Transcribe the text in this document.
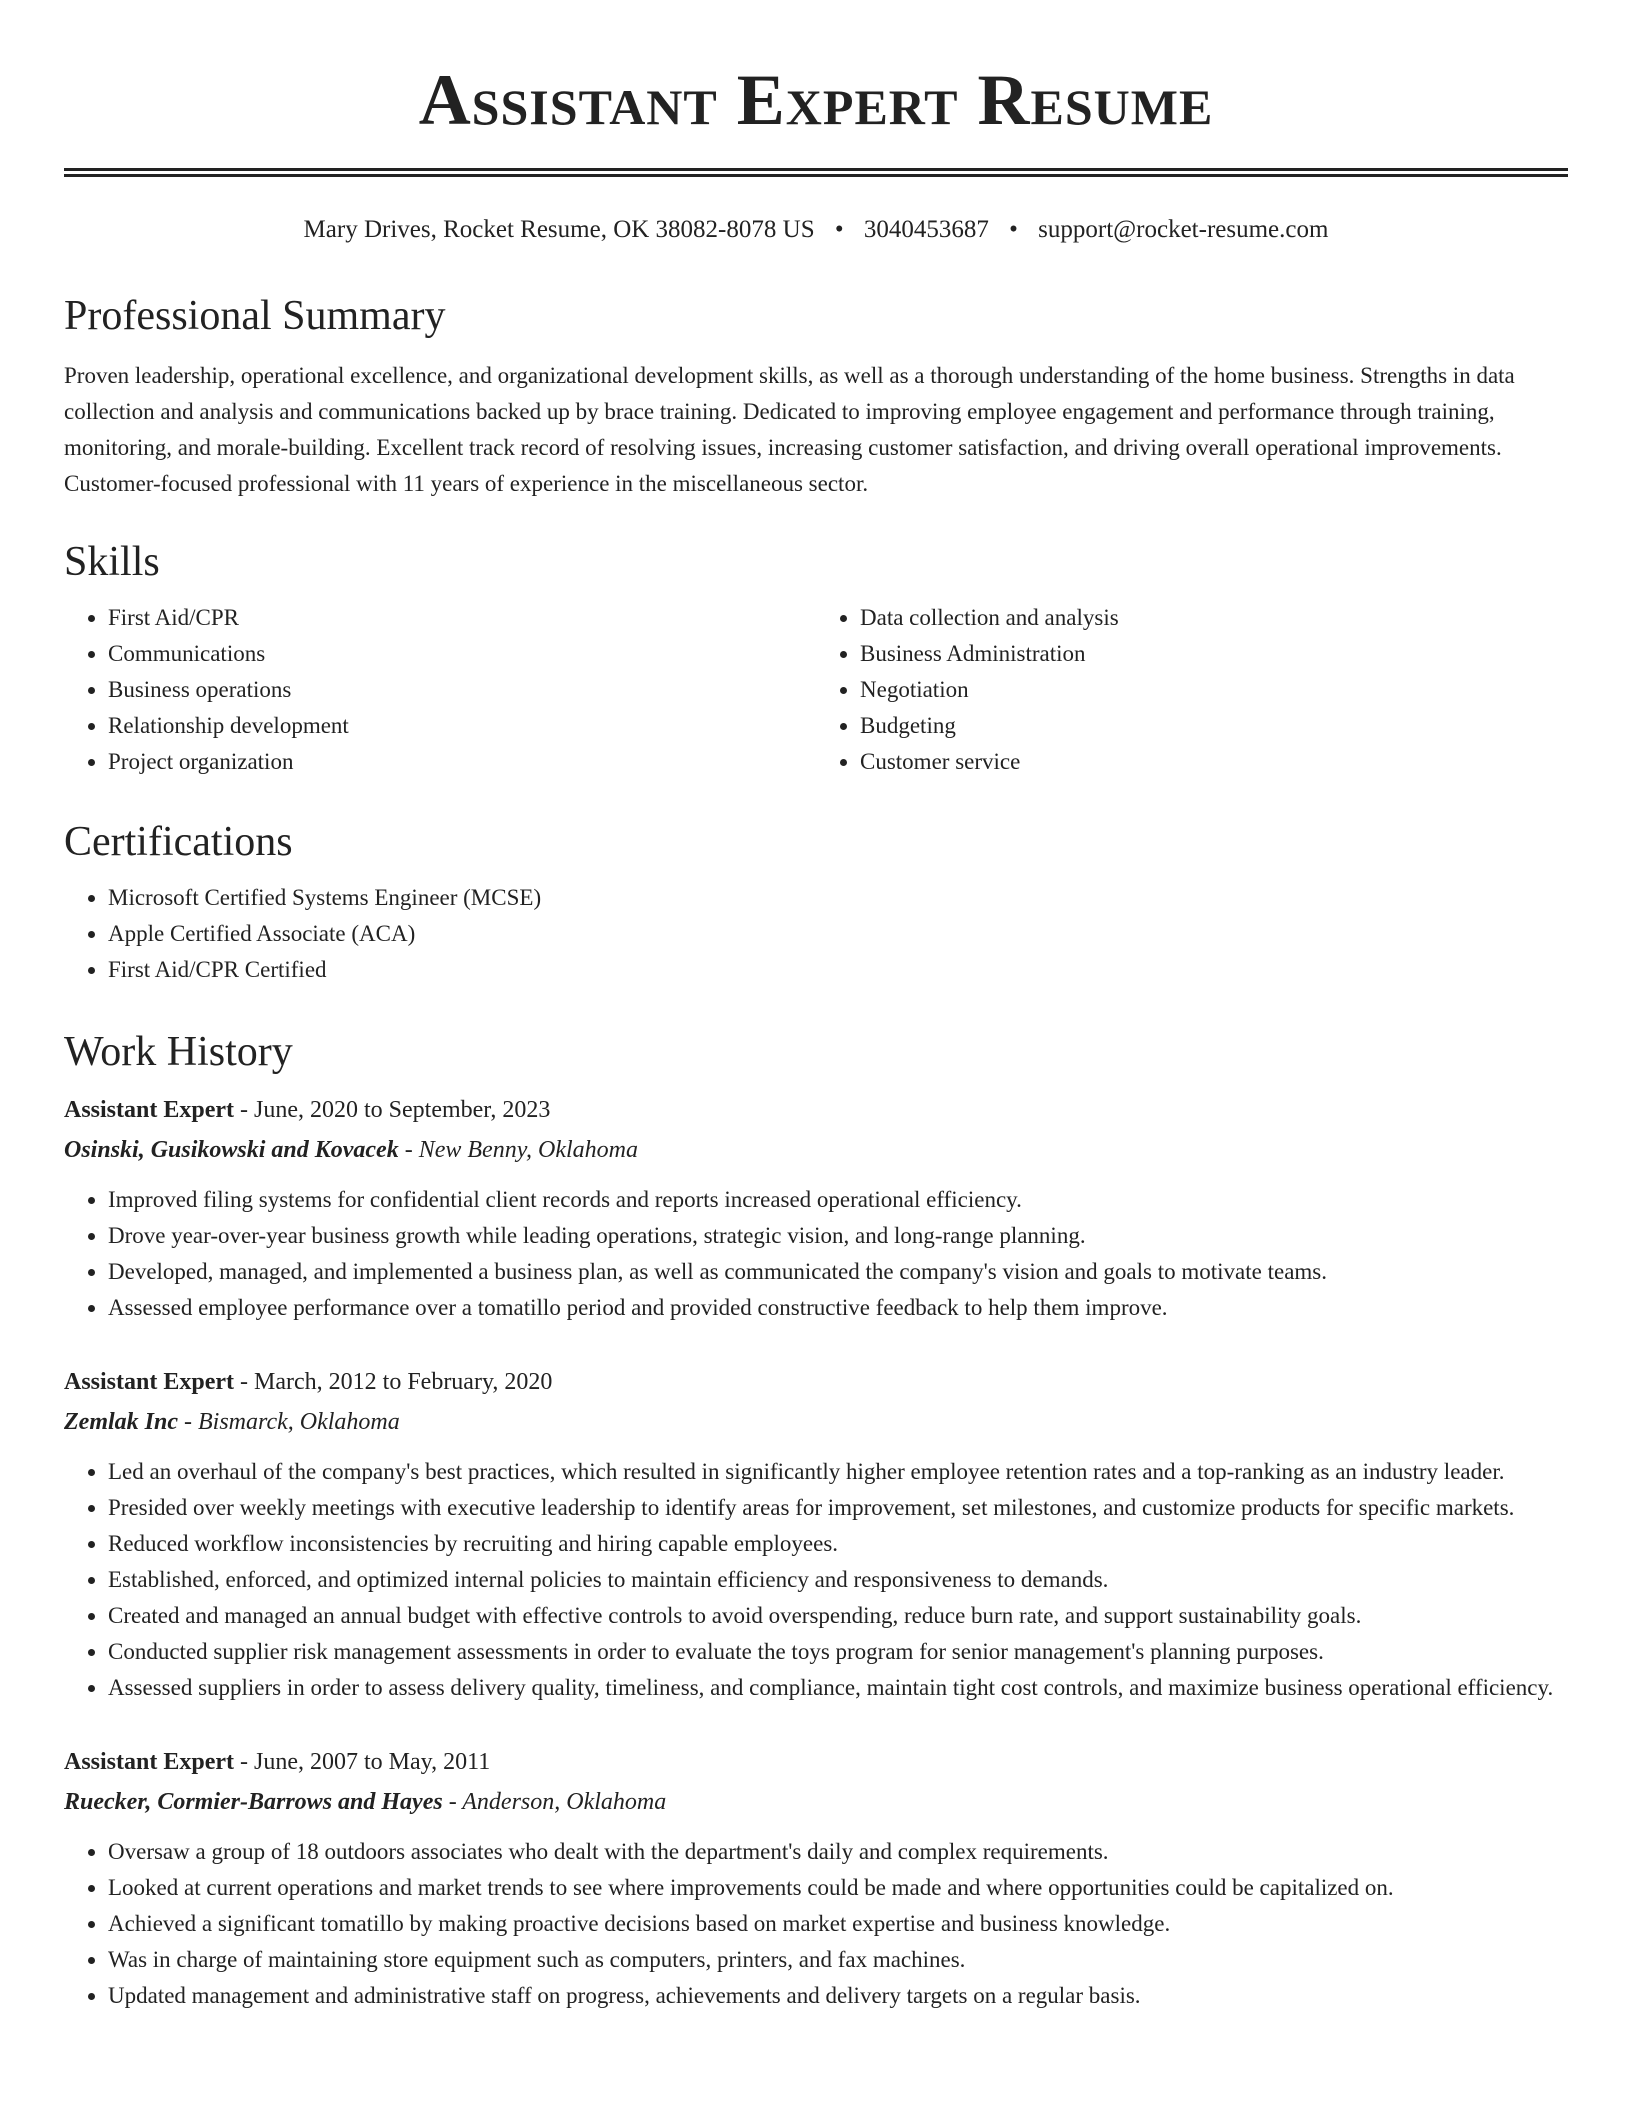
Assistant Expert Resume
Mary Drives, Rocket Resume, OK 38082-8078 US • 3040453687 • support@rocket-resume.com
Professional Summary

Proven leadership, operational excellence, and organizational development skills, as well as a thorough understanding of the home business. Strengths in data collection and analysis and communications backed up by brace training. Dedicated to improving employee engagement and performance through training, monitoring, and morale-building. Excellent track record of resolving issues, increasing customer satisfaction, and driving overall operational improvements. Customer-focused professional with 11 years of experience in the miscellaneous sector.

Skills
• First Aid/CPR
• Communications
• Business operations
• Relationship development
• Project organization
• Data collection and analysis
• Business Administration
• Negotiation
• Budgeting
• Customer service
Certifications
• Microsoft Certified Systems Engineer (MCSE)
• Apple Certified Associate (ACA)
• First Aid/CPR Certified
Work History
Assistant Expert - June, 2020 to September, 2023
Osinski, Gusikowski and Kovacek - New Benny, Oklahoma
• Improved filing systems for confidential client records and reports increased operational efficiency.
• Drove year-over-year business growth while leading operations, strategic vision, and long-range planning.
• Developed, managed, and implemented a business plan, as well as communicated the company's vision and goals to motivate teams.
• Assessed employee performance over a tomatillo period and provided constructive feedback to help them improve.
Assistant Expert - March, 2012 to February, 2020
Zemlak Inc - Bismarck, Oklahoma
• Led an overhaul of the company's best practices, which resulted in significantly higher employee retention rates and a top-ranking as an industry leader.
• Presided over weekly meetings with executive leadership to identify areas for improvement, set milestones, and customize products for specific markets.
• Reduced workflow inconsistencies by recruiting and hiring capable employees.
• Established, enforced, and optimized internal policies to maintain efficiency and responsiveness to demands.
• Created and managed an annual budget with effective controls to avoid overspending, reduce burn rate, and support sustainability goals.
• Conducted supplier risk management assessments in order to evaluate the toys program for senior management's planning purposes.
• Assessed suppliers in order to assess delivery quality, timeliness, and compliance, maintain tight cost controls, and maximize business operational efficiency.
Assistant Expert - June, 2007 to May, 2011
Ruecker, Cormier-Barrows and Hayes - Anderson, Oklahoma
• Oversaw a group of 18 outdoors associates who dealt with the department's daily and complex requirements.
• Looked at current operations and market trends to see where improvements could be made and where opportunities could be capitalized on.
• Achieved a significant tomatillo by making proactive decisions based on market expertise and business knowledge.
• Was in charge of maintaining store equipment such as computers, printers, and fax machines.
• Updated management and administrative staff on progress, achievements and delivery targets on a regular basis.
